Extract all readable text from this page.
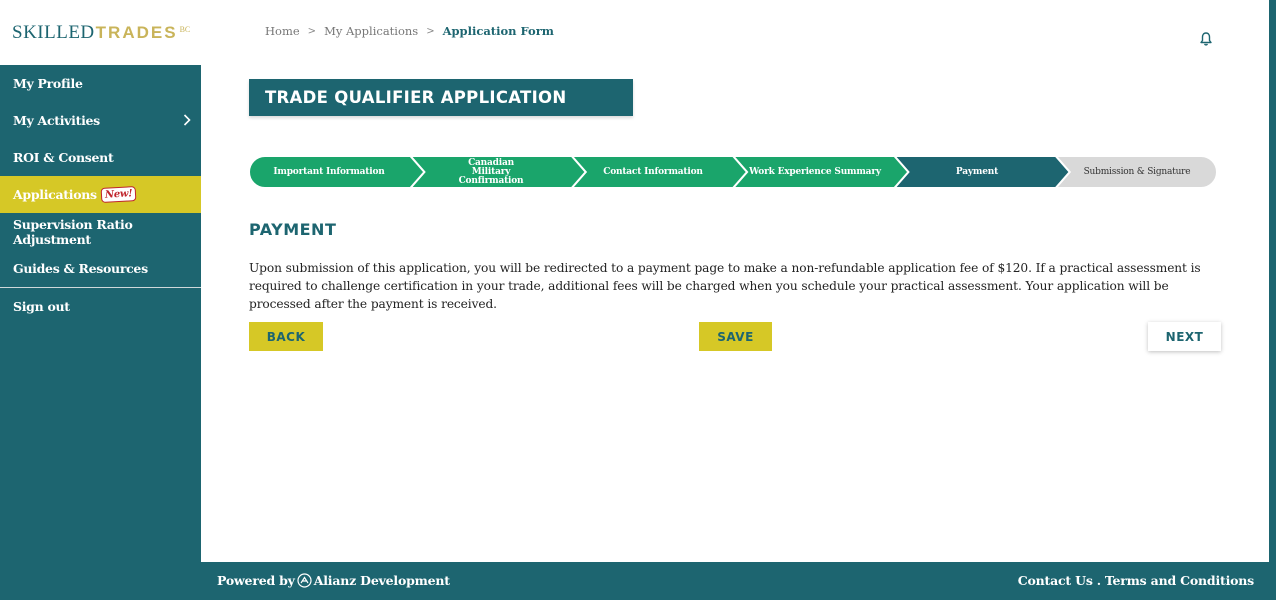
SKILLED TRADES BC
My Profile
My Activities
ROI & Consent
Applications New!
Supervision Ratio Adjustment
Guides & Resources
Sign out
Home > My Applications > Application Form
TRADE QUALIFIER APPLICATION
Important Information
Canadian Military Confirmation
Contact Information	Work Experience Summary	Payment	Submission & Signature
PAYMENT

Upon submission of this application, you will be redirected to a payment page to make a non-refundable application fee of $120. If a practical assessment is required to challenge certification in your trade, additional fees will be charged when you schedule your practical assessment. Your application will be processed after the payment is received.

BACK	SAVE	NEXT
Powered by Alianz Development	Contact Us . Terms and Conditions
